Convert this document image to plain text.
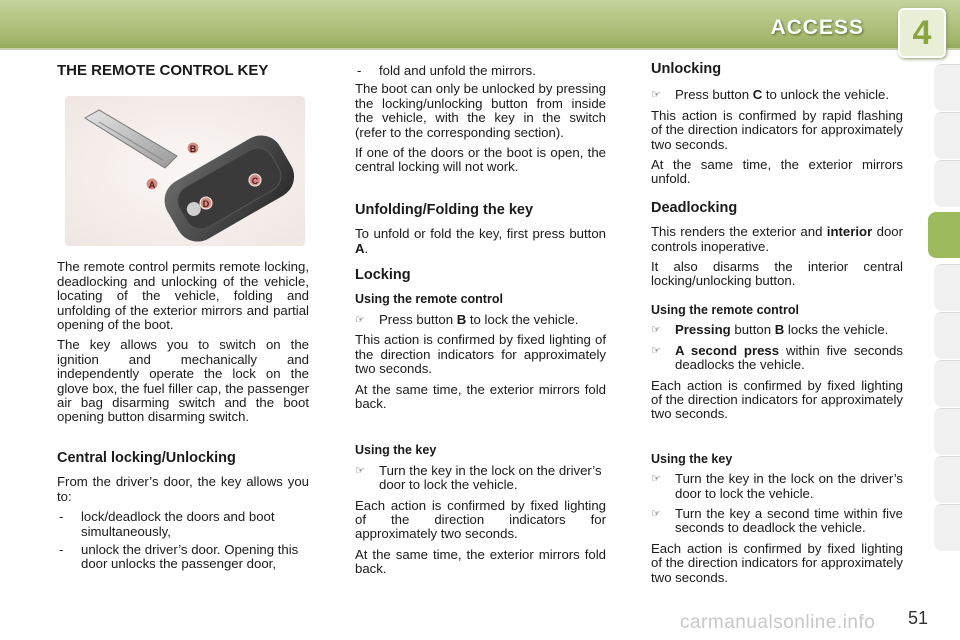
ACCESS	4
THE REMOTE CONTROL KEY
A
B
C
D

The remote control permits remote locking, deadlocking and unlocking of the vehicle, locating of the vehicle, folding and unfolding of the exterior mirrors and partial opening of the boot.

The key allows you to switch on the ignition and mechanically and independently operate the lock on the glove box, the fuel filler cap, the passenger air bag disarming switch and the boot opening button disarming switch.

Central locking/Unlocking

From the driver’s door, the key allows you to:

-	lock/deadlock the doors and boot simultaneously,
-	unlock the driver’s door. Opening this door unlocks the passenger door,
-	fold and unfold the mirrors.

The boot can only be unlocked by pressing the locking/unlocking button from inside the vehicle, with the key in the switch (refer to the corresponding section).

If one of the doors or the boot is open, the central locking will not work.

Unfolding/Folding the key

To unfold or fold the key, first press button A.

Locking
Using the remote control
☞	Press button B to lock the vehicle.

This action is confirmed by fixed lighting of the direction indicators for approximately two seconds.

At the same time, the exterior mirrors fold back.

Using the key
☞	Turn the key in the lock on the driver’s door to lock the vehicle.

Each action is confirmed by fixed lighting of the direction indicators for approximately two seconds.

At the same time, the exterior mirrors fold back.

Unlocking
☞	Press button C to unlock the vehicle.

This action is confirmed by rapid flashing of the direction indicators for approximately two seconds.

At the same time, the exterior mirrors unfold.

Deadlocking

This renders the exterior and interior door controls inoperative.

It also disarms the interior central locking/unlocking button.

Using the remote control
☞	Pressing button B locks the vehicle.
☞	A second press within five seconds deadlocks the vehicle.

Each action is confirmed by fixed lighting of the direction indicators for approximately two seconds.

Using the key
☞	Turn the key in the lock on the driver’s door to lock the vehicle.
☞	Turn the key a second time within five seconds to deadlock the vehicle.

Each action is confirmed by fixed lighting of the direction indicators for approximately two seconds.

carmanualsonline.info 51
